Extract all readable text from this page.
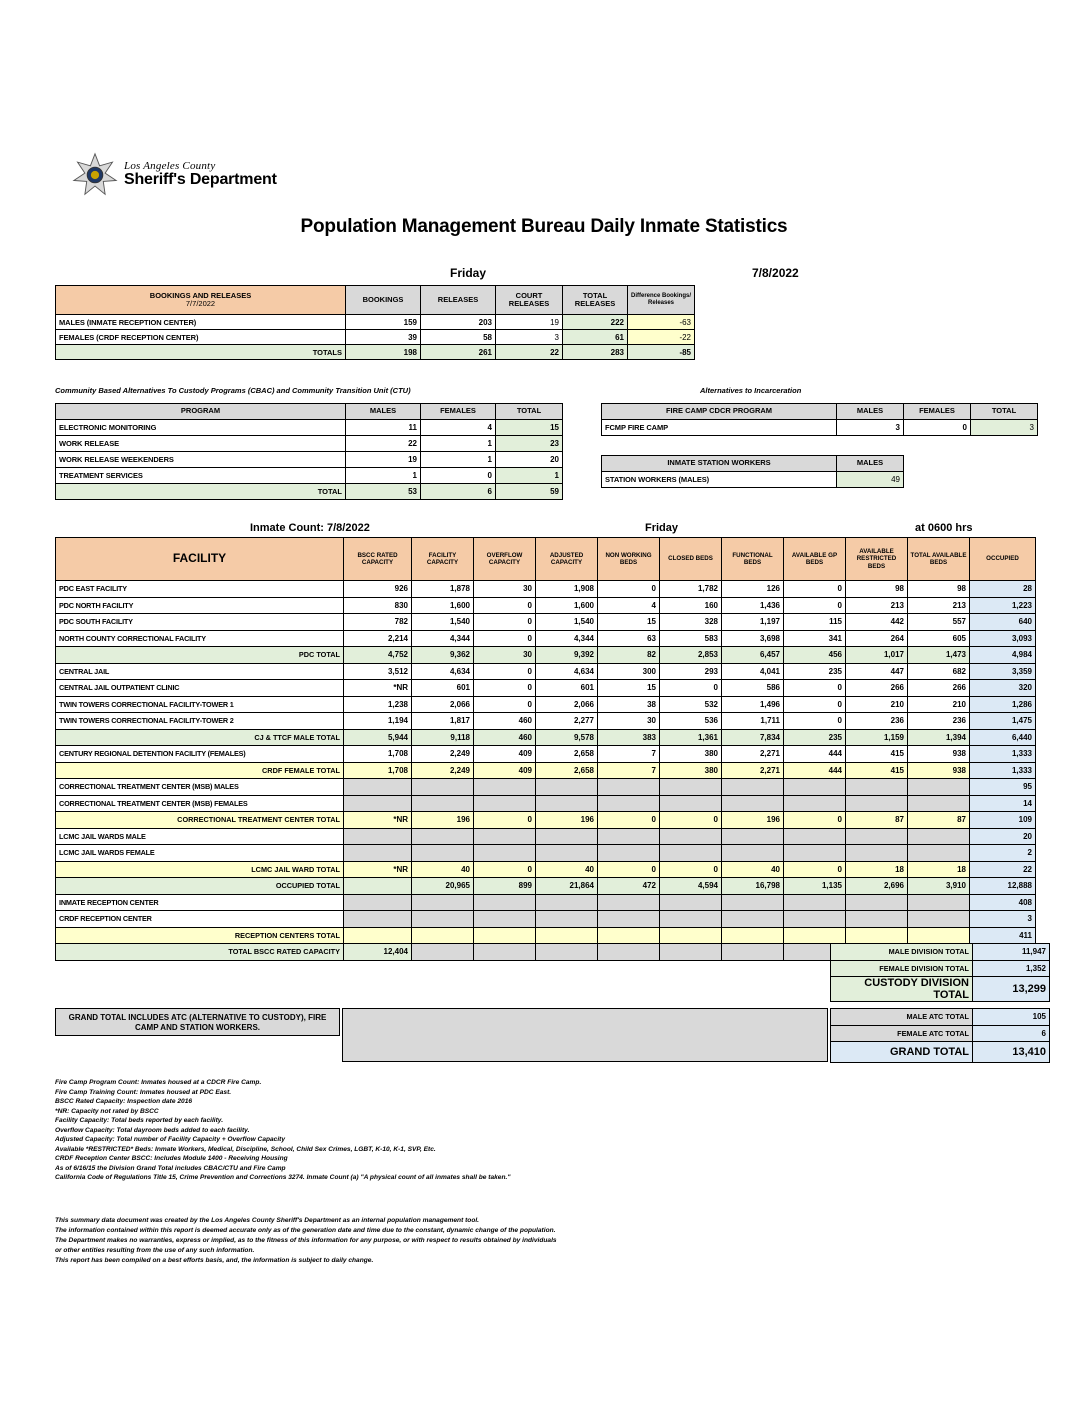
Los Angeles County
Sheriff's Department
Population Management Bureau Daily Inmate Statistics
Friday	7/8/2022
BOOKINGS AND RELEASES
7/7/2022	BOOKINGS	RELEASES	COURT RELEASES	TOTAL RELEASES	Difference Bookings/ Releases
MALES (INMATE RECEPTION CENTER)	159	203	19	222	-63
FEMALES (CRDF RECEPTION CENTER)	39	58	3	61	-22
TOTALS	198	261	22	283	-85
Community Based Alternatives To Custody Programs (CBAC) and Community Transition Unit (CTU)
PROGRAM	MALES	FEMALES	TOTAL
ELECTRONIC MONITORING	11	4	15
WORK RELEASE	22	1	23
WORK RELEASE WEEKENDERS	19	1	20
TREATMENT SERVICES	1	0	1
TOTAL	53	6	59
Alternatives to Incarceration
FIRE CAMP CDCR PROGRAM	MALES	FEMALES	TOTAL
FCMP FIRE CAMP	3	0	3
INMATE STATION WORKERS	MALES
STATION WORKERS (MALES)	49
Inmate Count: 7/8/2022	Friday	at 0600 hrs
FACILITY	BSCC RATED CAPACITY	FACILITY CAPACITY	OVERFLOW CAPACITY	ADJUSTED CAPACITY	NON WORKING BEDS	CLOSED BEDS	FUNCTIONAL BEDS	AVAILABLE GP BEDS	AVAILABLE RESTRICTED BEDS	TOTAL AVAILABLE BEDS	OCCUPIED
PDC EAST FACILITY	926	1,878	30	1,908	0	1,782	126	0	98	98	28
PDC NORTH FACILITY	830	1,600	0	1,600	4	160	1,436	0	213	213	1,223
PDC SOUTH FACILITY	782	1,540	0	1,540	15	328	1,197	115	442	557	640
NORTH COUNTY CORRECTIONAL FACILITY	2,214	4,344	0	4,344	63	583	3,698	341	264	605	3,093
PDC TOTAL	4,752	9,362	30	9,392	82	2,853	6,457	456	1,017	1,473	4,984
CENTRAL JAIL	3,512	4,634	0	4,634	300	293	4,041	235	447	682	3,359
CENTRAL JAIL OUTPATIENT CLINIC	*NR	601	0	601	15	0	586	0	266	266	320
TWIN TOWERS CORRECTIONAL FACILITY-TOWER 1	1,238	2,066	0	2,066	38	532	1,496	0	210	210	1,286
TWIN TOWERS CORRECTIONAL FACILITY-TOWER 2	1,194	1,817	460	2,277	30	536	1,711	0	236	236	1,475
CJ & TTCF MALE TOTAL	5,944	9,118	460	9,578	383	1,361	7,834	235	1,159	1,394	6,440
CENTURY REGIONAL DETENTION FACILITY (FEMALES)	1,708	2,249	409	2,658	7	380	2,271	444	415	938	1,333
CRDF FEMALE TOTAL	1,708	2,249	409	2,658	7	380	2,271	444	415	938	1,333
CORRECTIONAL TREATMENT CENTER (MSB) MALES											95
CORRECTIONAL TREATMENT CENTER (MSB) FEMALES											14
CORRECTIONAL TREATMENT CENTER TOTAL	*NR	196	0	196	0	0	196	0	87	87	109
LCMC JAIL WARDS MALE											20
LCMC JAIL WARDS FEMALE											2
LCMC JAIL WARD TOTAL	*NR	40	0	40	0	0	40	0	18	18	22
OCCUPIED TOTAL		20,965	899	21,864	472	4,594	16,798	1,135	2,696	3,910	12,888
INMATE RECEPTION CENTER											408
CRDF RECEPTION CENTER											3
RECEPTION CENTERS TOTAL											411
TOTAL BSCC RATED CAPACITY	12,404											MALE DIVISION TOTAL	11,947
FEMALE DIVISION TOTAL	1,352
CUSTODY DIVISION TOTAL	13,299
GRAND TOTAL INCLUDES ATC (ALTERNATIVE TO CUSTODY), FIRE CAMP AND STATION WORKERS.
MALE ATC TOTAL	105
FEMALE ATC TOTAL	6
GRAND TOTAL	13,410
Fire Camp Program Count: Inmates housed at a CDCR Fire Camp.
Fire Camp Training Count: Inmates housed at PDC East.
BSCC Rated Capacity: Inspection date 2016
*NR: Capacity not rated by BSCC
Facility Capacity: Total beds reported by each facility.
Overflow Capacity: Total dayroom beds added to each facility.
Adjusted Capacity: Total number of Facility Capacity + Overflow Capacity
Available *RESTRICTED* Beds: Inmate Workers, Medical, Discipline, School, Child Sex Crimes, LGBT, K-10, K-1, SVP, Etc.
CRDF Reception Center BSCC: Includes Module 1400 - Receiving Housing
As of 6/16/15 the Division Grand Total includes CBAC/CTU and Fire Camp
California Code of Regulations Title 15, Crime Prevention and Corrections 3274. Inmate Count (a) "A physical count of all inmates shall be taken."
This summary data document was created by the Los Angeles County Sheriff's Department as an internal population management tool.
The information contained within this report is deemed accurate only as of the generation date and time due to the constant, dynamic change of the population.
The Department makes no warranties, express or implied, as to the fitness of this information for any purpose, or with respect to results obtained by individuals
or other entities resulting from the use of any such information.
This report has been compiled on a best efforts basis, and, the information is subject to daily change.
